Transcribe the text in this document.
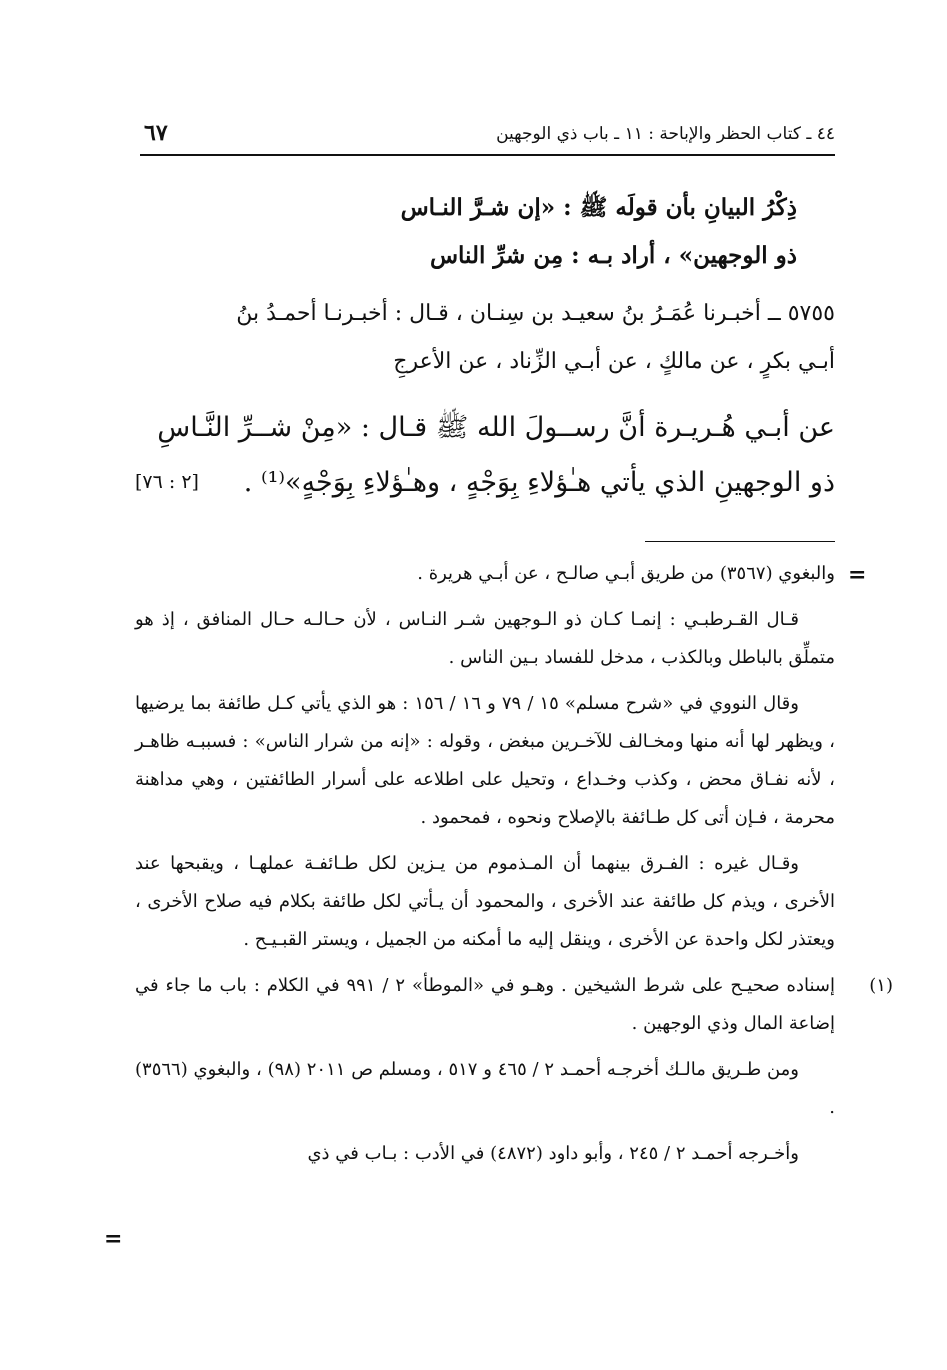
٤٤ ـ كتاب الحظر والإباحة : ١١ ـ باب ذي الوجهين
٦٧
ذِكْرُ البيانِ بأن قولَه ﷺ : «إن شـرَّ النـاس
ذو الوجهين» ، أراد بـه : مِن شرِّ الناس
٥٧٥٥ ــ أخبـرنا عُمَـرُ بنُ سعيـد بن سِنـان ، قـال : أخبـرنـا أحمـدُ بنُ
أبـي بكرٍ ، عن مالكٍ ، عن أبـي الزِّناد ، عن الأعرجِ
عن أبـي هُـريـرة أنَّ رســولَ الله ﷺ قـال : «مِنْ شــرِّ النَّـاسِ
ذو الوجهينِ الذي يأتي هـٰؤلاءِ بِوَجْهٍ ، وهـٰؤلاءِ بِوَجْهٍ»⁽¹⁾ .
[٢ : ٧٦]
=

والبغوي (٣٥٦٧) من طريق أبـي صالـح ، عن أبـي هريرة .

قـال القـرطبـي : إنمـا كـان ذو الـوجهين شـر النـاس ، لأن حـالـه حـال المنافق ، إذ هو متملِّق بالباطل وبالكذب ، مدخل للفساد بـين الناس .

وقال النووي في «شرح مسلم» ١٥ / ٧٩ و ١٦ / ١٥٦ : هو الذي يأتي كـل طائفة بما يرضيها ، ويظهر لها أنه منها ومخـالف للآخـرين مبغض ، وقوله : «إنه من شرار الناس» : فسببـه ظاهـر ، لأنه نفـاق محض ، وكذب وخـداع ، وتحيل على اطلاعه على أسرار الطائفتين ، وهي مداهنة محرمة ، فـإن أتى كل طـائفة بالإصلاح ونحوه ، فمحمود .

وقـال غيره : الفـرق بينهما أن المـذموم من يـزين لكل طـائفـة عملهـا ، ويقبحها عند الأخرى ، ويذم كل طائفة عند الأخرى ، والمحمود أن يـأتي لكل طائفة بكلام فيه صلاح الأخرى ، ويعتذر لكل واحدة عن الأخرى ، وينقل إليه ما أمكنه من الجميل ، ويستر القبـيـح .

(١)

إسناده صحيـح على شرط الشيخين . وهـو في «الموطأ» ٢ / ٩٩١ في الكلام : باب ما جاء في إضاعة المال وذي الوجهين .

ومن طـريق مالـك أخرجـه أحمـد ٢ / ٤٦٥ و ٥١٧ ، ومسلم ص ٢٠١١ (٩٨) ، والبغوي (٣٥٦٦) .

وأخـرجه أحمـد ٢ / ٢٤٥ ، وأبو داود (٤٨٧٢) في الأدب : بـاب في ذي

=
